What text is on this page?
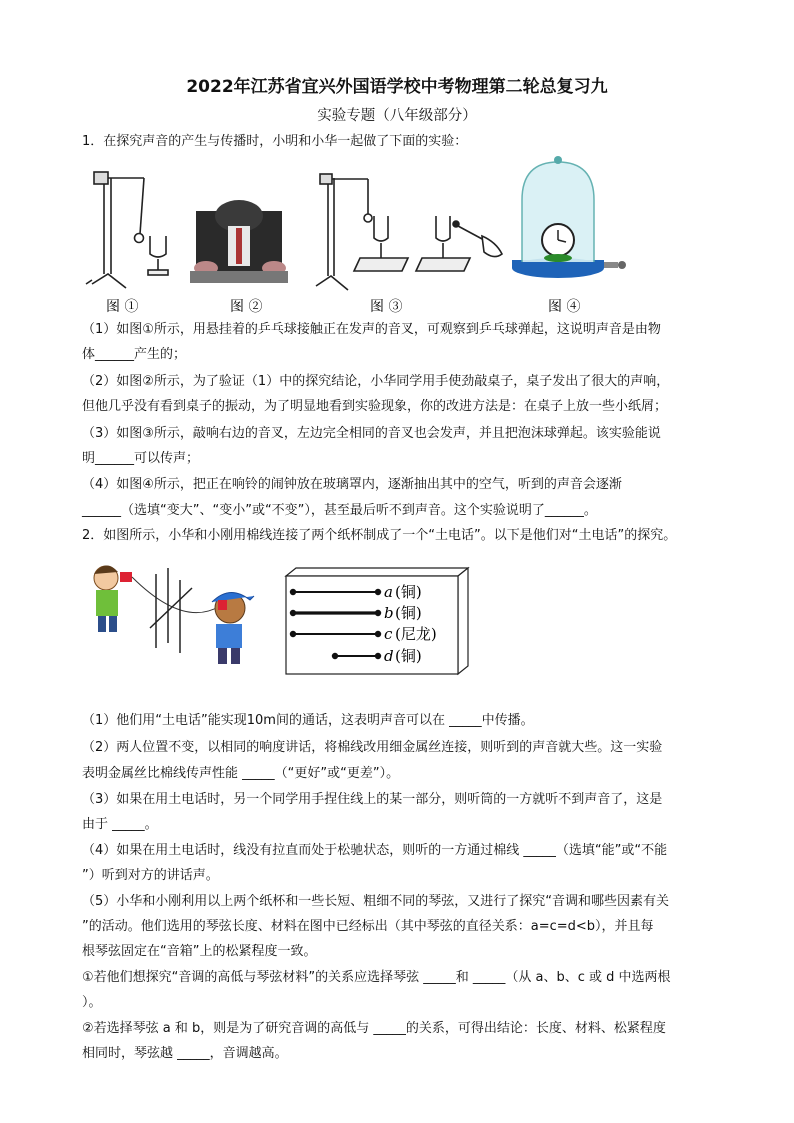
2022年江苏省宜兴外国语学校中考物理第二轮总复习九
实验专题（八年级部分）
1．在探究声音的产生与传播时，小明和小华一起做了下面的实验：
图 ①	图 ②	图 ③	图 ④
（1）如图①所示，用悬挂着的乒乓球接触正在发声的音叉，可观察到乒乓球弹起，这说明声音是由物
体______产生的；
（2）如图②所示，为了验证（1）中的探究结论，小华同学用手使劲敲桌子，桌子发出了很大的声响，
但他几乎没有看到桌子的振动，为了明显地看到实验现象，你的改进方法是：在桌子上放一些小纸屑；
（3）如图③所示，敲响右边的音叉，左边完全相同的音叉也会发声，并且把泡沫球弹起。该实验能说
明______可以传声；
（4）如图④所示，把正在响铃的闹钟放在玻璃罩内，逐渐抽出其中的空气，听到的声音会逐渐
______（选填“变大”、“变小”或“不变”），甚至最后听不到声音。这个实验说明了______。
2．如图所示，小华和小刚用棉线连接了两个纸杯制成了一个“土电话”。以下是他们对“土电话”的探究。
a (铜)
b (铜)
c (尼龙)
d (铜)
（1）他们用“土电话”能实现10m间的通话，这表明声音可以在 _____中传播。
（2）两人位置不变，以相同的响度讲话，将棉线改用细金属丝连接，则听到的声音就大些。这一实验
表明金属丝比棉线传声性能 _____（“更好”或“更差”）。
（3）如果在用土电话时，另一个同学用手捏住线上的某一部分，则听筒的一方就听不到声音了，这是
由于 _____。
（4）如果在用土电话时，线没有拉直而处于松驰状态，则听的一方通过棉线 _____（选填“能”或“不能
”）听到对方的讲话声。
（5）小华和小刚利用以上两个纸杯和一些长短、粗细不同的琴弦，又进行了探究“音调和哪些因素有关
”的活动。他们选用的琴弦长度、材料在图中已经标出（其中琴弦的直径关系：a=c=d<b），并且每
根琴弦固定在“音箱”上的松紧程度一致。
①若他们想探究“音调的高低与琴弦材料”的关系应选择琴弦 _____和 _____（从 a、b、c 或 d 中选两根
）。
②若选择琴弦 a 和 b，则是为了研究音调的高低与 _____的关系，可得出结论：长度、材料、松紧程度
相同时，琴弦越 _____，音调越高。
